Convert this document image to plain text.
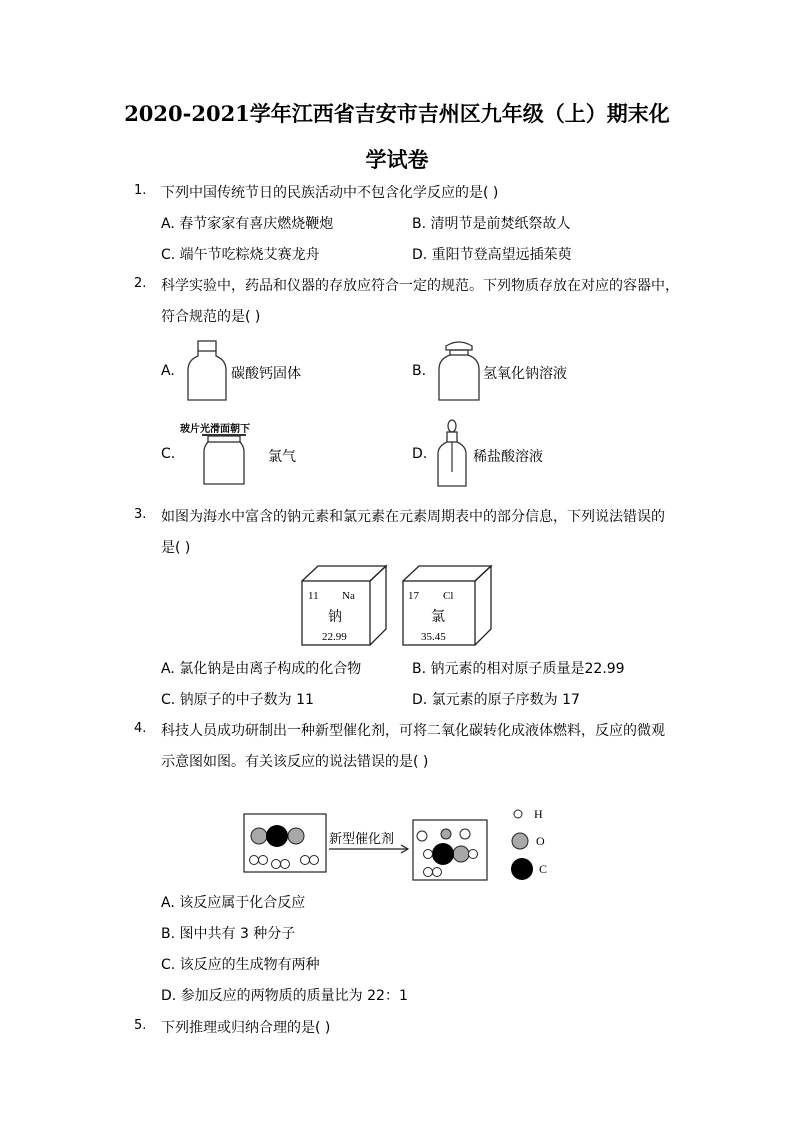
2020-2021学年江西省吉安市吉州区九年级（上）期末化
学试卷
1. 下列中国传统节日的民族活动中不包含化学反应的是( )
A. 春节家家有喜庆燃烧鞭炮	B. 清明节是前焚纸祭故人
C. 端午节吃粽烧艾赛龙舟	D. 重阳节登高望远插茱萸
2. 科学实验中，药品和仪器的存放应符合一定的规范。下列物质存放在对应的容器中，
符合规范的是( )
A.	碳酸钙固体	B.	氢氧化钠溶液
玻片光滑面朝下
C.	氯气	D.	稀盐酸溶液
3. 如图为海水中富含的钠元素和氯元素在元素周期表中的部分信息，下列说法错误的
是( )
11 Na
钠
22.99
17 Cl
氯
35.45
A. 氯化钠是由离子构成的化合物	B. 钠元素的相对原子质量是22.99
C. 钠原子的中子数为 11	D. 氯元素的原子序数为 17
4. 科技人员成功研制出一种新型催化剂，可将二氧化碳转化成液体燃料，反应的微观
示意图如图。有关该反应的说法错误的是( )
新型催化剂
H
O
C
A. 该反应属于化合反应
B. 图中共有 3 种分子
C. 该反应的生成物有两种
D. 参加反应的两物质的质量比为 22：1
5. 下列推理或归纳合理的是( )
